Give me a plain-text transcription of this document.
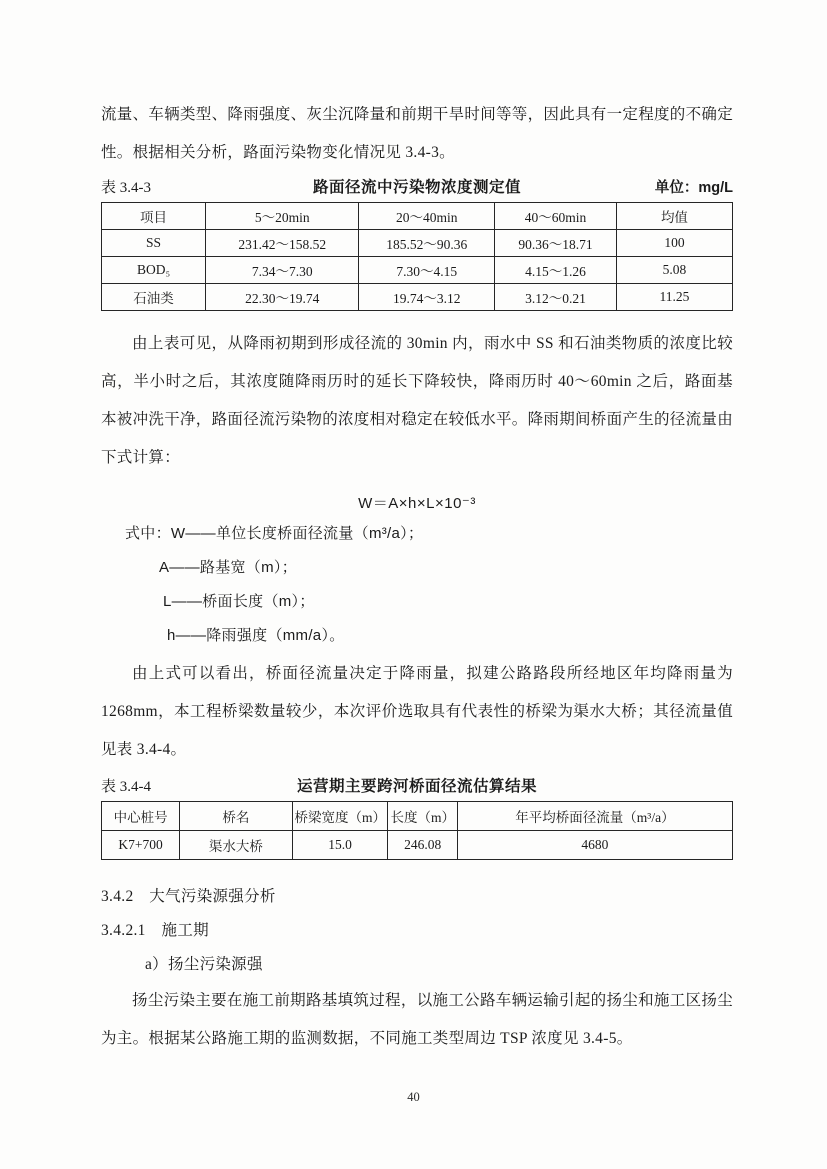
流量、车辆类型、降雨强度、灰尘沉降量和前期干旱时间等等，因此具有一定程度的不确定性。根据相关分析，路面污染物变化情况见 3.4-3。

表 3.4-3	路面径流中污染物浓度测定值	单位：mg/L
项目	5～20min	20～40min	40～60min	均值
SS	231.42～158.52	185.52～90.36	90.36～18.71	100
BOD₅	7.34～7.30	7.30～4.15	4.15～1.26	5.08
石油类	22.30～19.74	19.74～3.12	3.12～0.21	11.25

由上表可见，从降雨初期到形成径流的 30min 内，雨水中 SS 和石油类物质的浓度比较高，半小时之后，其浓度随降雨历时的延长下降较快，降雨历时 40～60min 之后，路面基本被冲洗干净，路面径流污染物的浓度相对稳定在较低水平。降雨期间桥面产生的径流量由下式计算：

W＝A×h×L×10⁻³

式中：W——单位长度桥面径流量（m³/a）；

A——路基宽（m）；

L——桥面长度（m）；

h——降雨强度（mm/a）。

由上式可以看出，桥面径流量决定于降雨量，拟建公路路段所经地区年均降雨量为 1268mm，本工程桥梁数量较少，本次评价选取具有代表性的桥梁为渠水大桥；其径流量值见表 3.4-4。

表 3.4-4	运营期主要跨河桥面径流估算结果
中心桩号	桥名	桥梁宽度（m）	长度（m）	年平均桥面径流量（m³/a）
K7+700	渠水大桥	15.0	246.08	4680

3.4.2　大气污染源强分析

3.4.2.1　施工期

a）扬尘污染源强

扬尘污染主要在施工前期路基填筑过程，以施工公路车辆运输引起的扬尘和施工区扬尘为主。根据某公路施工期的监测数据，不同施工类型周边 TSP 浓度见 3.4-5。

40
